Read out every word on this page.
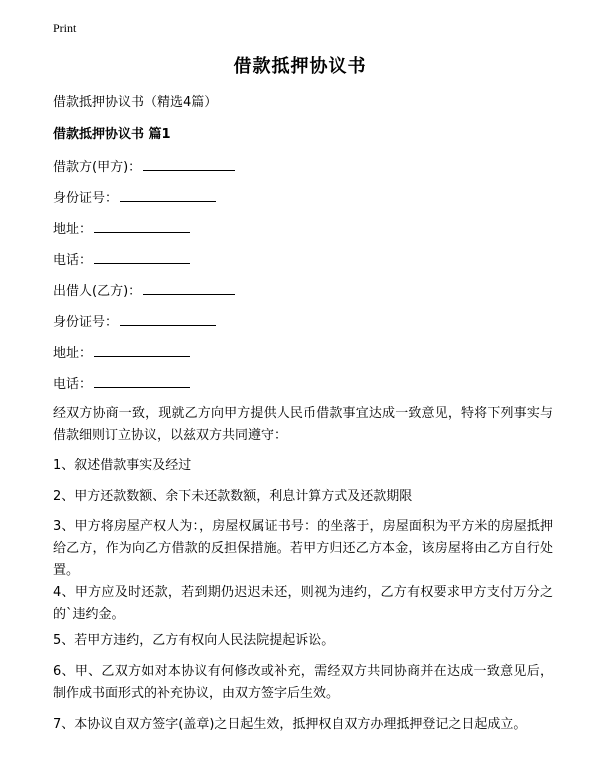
Print
借款抵押协议书
借款抵押协议书（精选4篇）
借款抵押协议书 篇1
借款方(甲方)：
身份证号：
地址：
电话：
出借人(乙方)：
身份证号：
地址：
电话：
经双方协商一致，现就乙方向甲方提供人民币借款事宜达成一致意见，特将下列事实与借款细则订立协议，以兹双方共同遵守：
1、叙述借款事实及经过
2、甲方还款数额、余下未还款数额，利息计算方式及还款期限
3、甲方将房屋产权人为：，房屋权属证书号：的坐落于，房屋面积为平方米的房屋抵押给乙方，作为向乙方借款的反担保措施。若甲方归还乙方本金，该房屋将由乙方自行处置。
4、甲方应及时还款，若到期仍迟迟未还，则视为违约，乙方有权要求甲方支付万分之的`违约金。
5、若甲方违约，乙方有权向人民法院提起诉讼。
6、甲、乙双方如对本协议有何修改或补充，需经双方共同协商并在达成一致意见后，制作成书面形式的补充协议，由双方签字后生效。
7、本协议自双方签字(盖章)之日起生效，抵押权自双方办理抵押登记之日起成立。
